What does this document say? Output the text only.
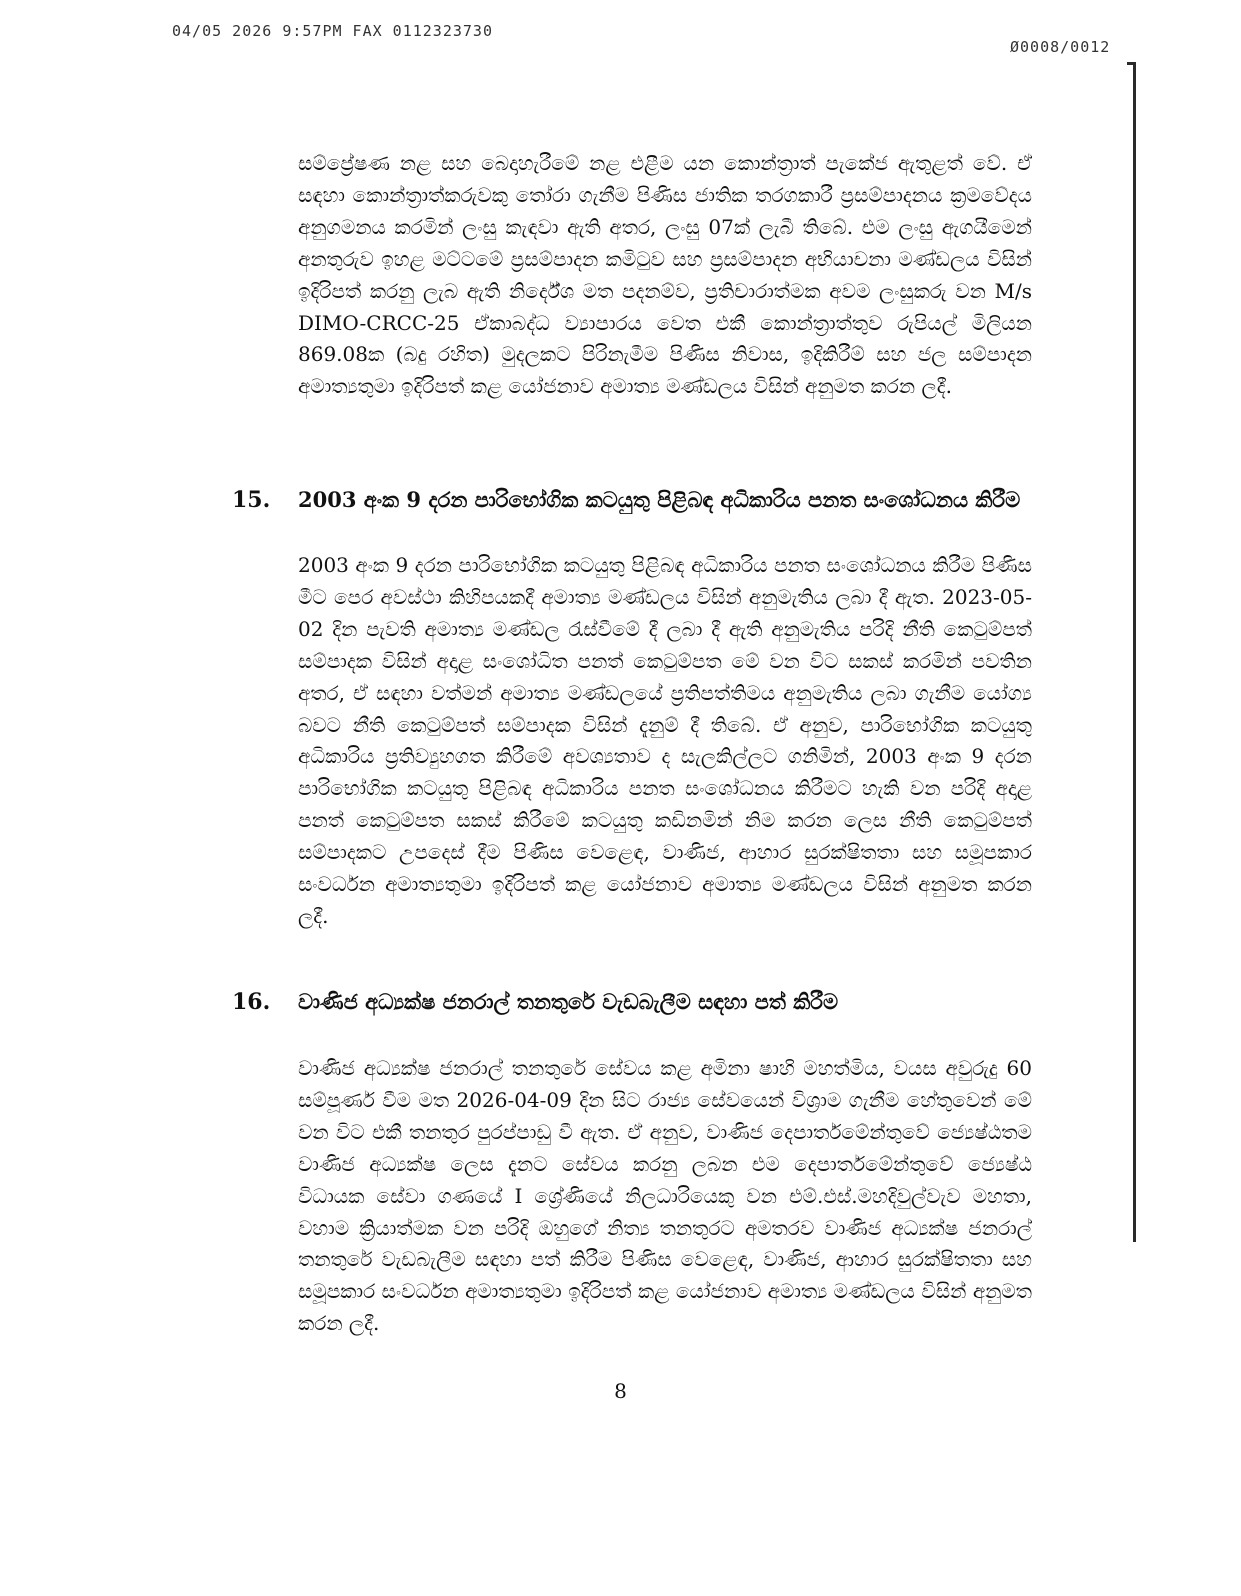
04/05 2026 9:57PM FAX 0112323730
Ø0008/0012

සම්ප්‍රේෂණ නළ සහ බෙදාහැරීමේ නළ එළීම යන කොන්ත්‍රාත් පැකේජ ඇතුළත් වේ. ඒ සඳහා කොන්ත්‍රාත්කරුවකු තෝරා ගැනීම පිණිස ජාතික තරගකාරී ප්‍රසම්පාදනය ක්‍රමවේදය අනුගමනය කරමින් ලංසු කැඳවා ඇති අතර, ලංසු 07ක් ලැබී තිබේ. එම ලංසු ඇගයීමෙන් අනතුරුව ඉහළ මට්ටමේ ප්‍රසම්පාදන කමිටුව සහ ප්‍රසම්පාදන අභියාචනා මණ්ඩලය විසින් ඉදිරිපත් කරනු ලැබ ඇති නිර්දේශ මත පදනම්ව, ප්‍රතිචාරාත්මක අවම ලංසුකරු වන M/s DIMO-CRCC-25 ඒකාබද්ධ ව්‍යාපාරය වෙත එකී කොන්ත්‍රාත්තුව රුපියල් මිලියන 869.08ක (බදු රහිත) මුදලකට පිරිනැමීම පිණිස නිවාස, ඉදිකිරීම් සහ ජල සම්පාදන අමාත්‍යතුමා ඉදිරිපත් කළ යෝජනාව අමාත්‍ය මණ්ඩලය විසින් අනුමත කරන ලදී.

15. 2003 අංක 9 දරන පාරිභෝගික කටයුතු පිළිබඳ අධිකාරිය පනත සංශෝධනය කිරීම

2003 අංක 9 දරන පාරිභෝගික කටයුතු පිළිබඳ අධිකාරිය පනත සංශෝධනය කිරීම පිණිස මීට පෙර අවස්ථා කිහිපයකදී අමාත්‍ය මණ්ඩලය විසින් අනුමැතිය ලබා දී ඇත. 2023-05-02 දින පැවති අමාත්‍ය මණ්ඩල රැස්වීමේ දී ලබා දී ඇති අනුමැතිය පරිදි නීති කෙටුම්පත් සම්පාදක විසින් අදාළ සංශෝධිත පනත් කෙටුම්පත මේ වන විට සකස් කරමින් පවතින අතර, ඒ සඳහා වත්මන් අමාත්‍ය මණ්ඩලයේ ප්‍රතිපත්තිමය අනුමැතිය ලබා ගැනීම යෝග්‍ය බවට නීති කෙටුම්පත් සම්පාදක විසින් දැනුම් දී තිබේ. ඒ අනුව, පාරිභෝගික කටයුතු අධිකාරිය ප්‍රතිව්‍යුහගත කිරීමේ අවශ්‍යතාව ද සැලකිල්ලට ගනිමින්, 2003 අංක 9 දරන පාරිභෝගික කටයුතු පිළිබඳ අධිකාරිය පනත සංශෝධනය කිරීමට හැකි වන පරිදි අදාළ පනත් කෙටුම්පත සකස් කිරීමේ කටයුතු කඩිනමින් නිම කරන ලෙස නීති කෙටුම්පත් සම්පාදකට උපදෙස් දීම පිණිස වෙළෙඳ, වාණිජ, ආහාර සුරක්ෂිතතා සහ සමූපකාර සංවර්ධන අමාත්‍යතුමා ඉදිරිපත් කළ යෝජනාව අමාත්‍ය මණ්ඩලය විසින් අනුමත කරන ලදී.

16. වාණිජ අධ්‍යක්ෂ ජනරාල් තනතුරේ වැඩබැලීම සඳහා පත් කිරීම

වාණිජ අධ්‍යක්ෂ ජනරාල් තනතුරේ සේවය කළ අමිනා ෂාහි මහත්මිය, වයස අවුරුදු 60 සම්පූර්ණ වීම මත 2026-04-09 දින සිට රාජ්‍ය සේවයෙන් විශ්‍රාම ගැනීම හේතුවෙන් මේ වන විට එකී තනතුර පුරප්පාඩු වී ඇත. ඒ අනුව, වාණිජ දෙපාර්තමේන්තුවේ ජ්‍යෙෂ්ඨතම වාණිජ අධ්‍යක්ෂ ලෙස දැනට සේවය කරනු ලබන එම දෙපාර්තමේන්තුවේ ජ්‍යෙෂ්ඨ විධායක සේවා ගණයේ I ශ්‍රේණියේ නිලධාරියෙකු වන එම්.එස්.මහදිවුල්වැව මහතා, වහාම ක්‍රියාත්මක වන පරිදි ඔහුගේ නිත්‍ය තනතුරට අමතරව වාණිජ අධ්‍යක්ෂ ජනරාල් තනතුරේ වැඩබැලීම සඳහා පත් කිරීම පිණිස වෙළෙඳ, වාණිජ, ආහාර සුරක්ෂිතතා සහ සමූපකාර සංවර්ධන අමාත්‍යතුමා ඉදිරිපත් කළ යෝජනාව අමාත්‍ය මණ්ඩලය විසින් අනුමත කරන ලදී.

8
